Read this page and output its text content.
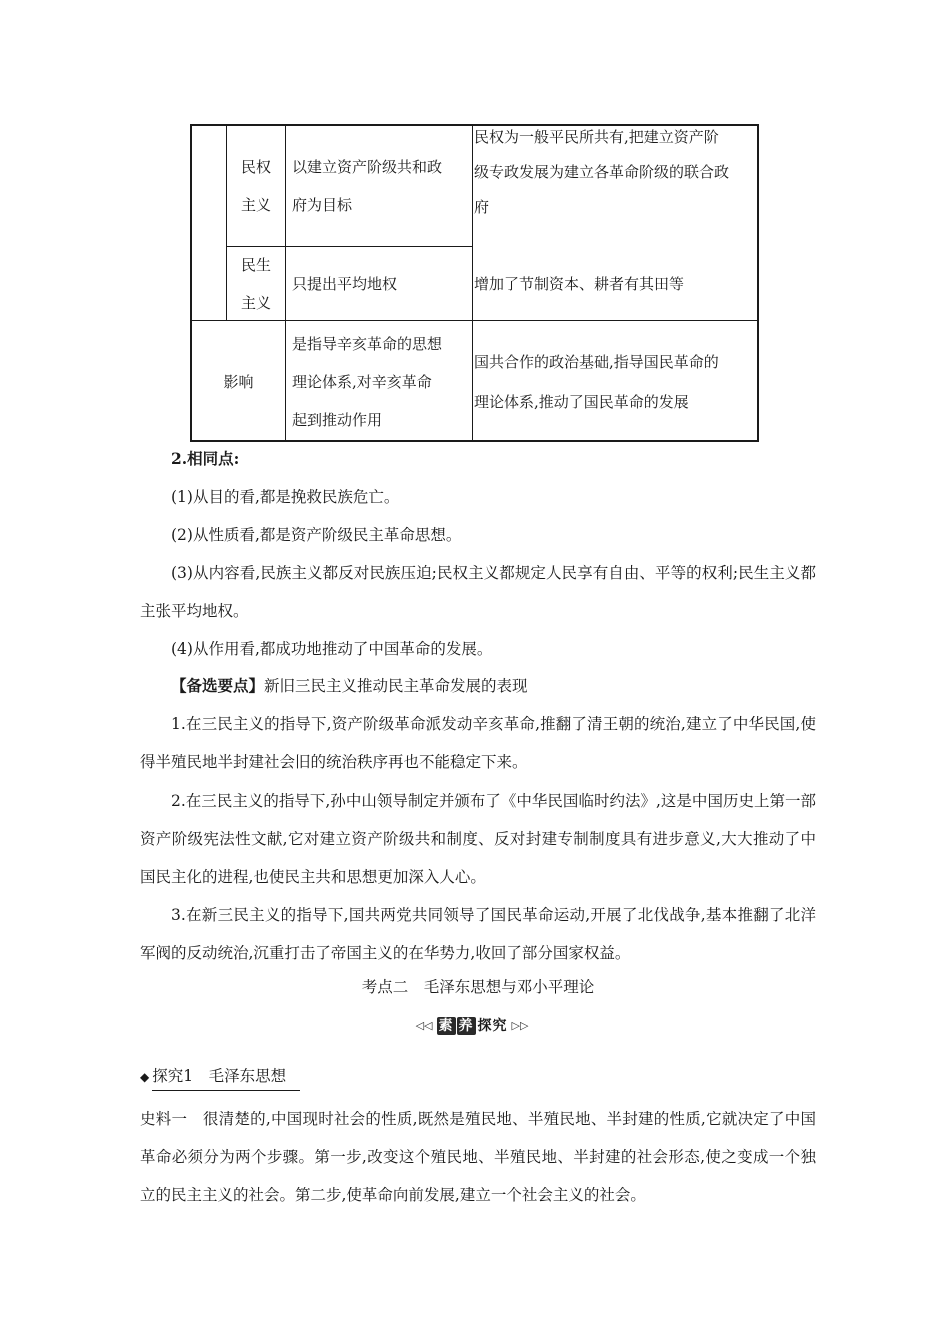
民权
主义
以建立资产阶级共和政
府为目标
民权为一般平民所共有,把建立资产阶
级专政发展为建立各革命阶级的联合政
府
民生
主义
只提出平均地权	增加了节制资本、耕者有其田等
影响
是指导辛亥革命的思想
理论体系,对辛亥革命
起到推动作用
国共合作的政治基础,指导国民革命的
理论体系,推动了国民革命的发展
2.相同点:
(1)从目的看,都是挽救民族危亡。
(2)从性质看,都是资产阶级民主革命思想。
(3)从内容看,民族主义都反对民族压迫;民权主义都规定人民享有自由、平等的权利;民生主义都主张平均地权。
(4)从作用看,都成功地推动了中国革命的发展。
【备选要点】新旧三民主义推动民主革命发展的表现
1.在三民主义的指导下,资产阶级革命派发动辛亥革命,推翻了清王朝的统治,建立了中华民国,使得半殖民地半封建社会旧的统治秩序再也不能稳定下来。
2.在三民主义的指导下,孙中山领导制定并颁布了《中华民国临时约法》,这是中国历史上第一部资产阶级宪法性文献,它对建立资产阶级共和制度、反对封建专制制度具有进步意义,大大推动了中国民主化的进程,也使民主共和思想更加深入人心。
3.在新三民主义的指导下,国共两党共同领导了国民革命运动,开展了北伐战争,基本推翻了北洋军阀的反动统治,沉重打击了帝国主义的在华势力,收回了部分国家权益。
考点二　毛泽东思想与邓小平理论
◁◁ 素 养 探究 ▷▷
◆ 探究1　毛泽东思想
史料一　很清楚的,中国现时社会的性质,既然是殖民地、半殖民地、半封建的性质,它就决定了中国革命必须分为两个步骤。第一步,改变这个殖民地、半殖民地、半封建的社会形态,使之变成一个独立的民主主义的社会。第二步,使革命向前发展,建立一个社会主义的社会。
